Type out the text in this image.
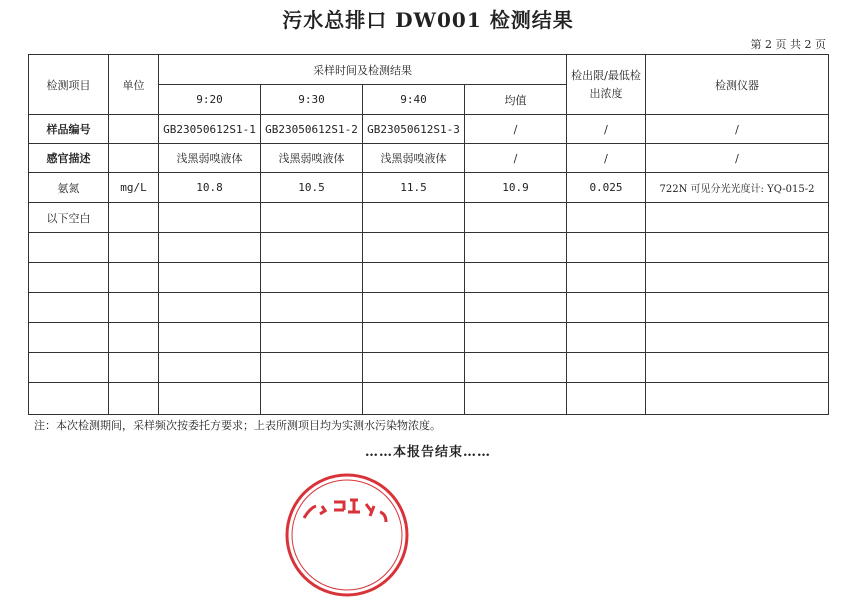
污水总排口 DW001 检测结果
第 2 页 共 2 页
检测项目	单位	采样时间及检测结果				检出限/最低检出浓度	检测仪器
		9:20	9:30	9:40	均值		
样品编号		GB23050612S1-1	GB23050612S1-2	GB23050612S1-3	/	/	/
感官描述		浅黑弱嗅液体	浅黑弱嗅液体	浅黑弱嗅液体	/	/	/
氨氮	mg/L	10.8	10.5	11.5	10.9	0.025	722N 可见分光光度计: YQ-015-2
以下空白							

注：本次检测期间，采样频次按委托方要求；上表所测项目均为实测水污染物浓度。
……本报告结束……
